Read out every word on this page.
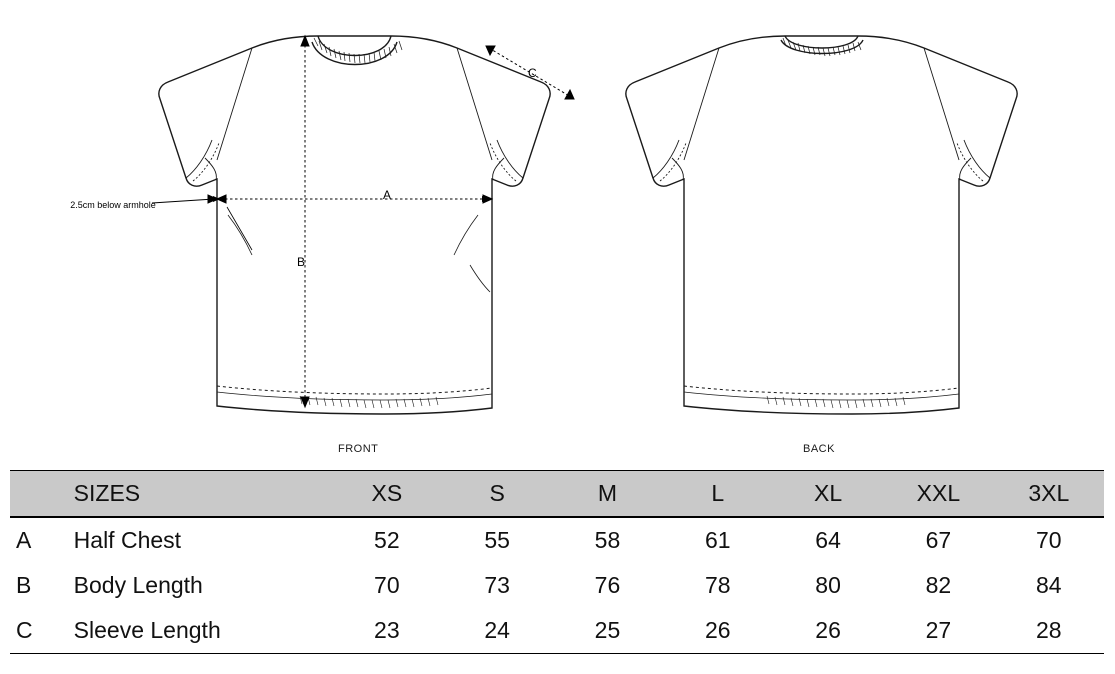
2.5cm below armhole
A
B
C
FRONT	BACK
	SIZES	XS	S	M	L	XL	XXL	3XL
A	Half Chest	52	55	58	61	64	67	70
B	Body Length	70	73	76	78	80	82	84
C	Sleeve Length	23	24	25	26	26	27	28
